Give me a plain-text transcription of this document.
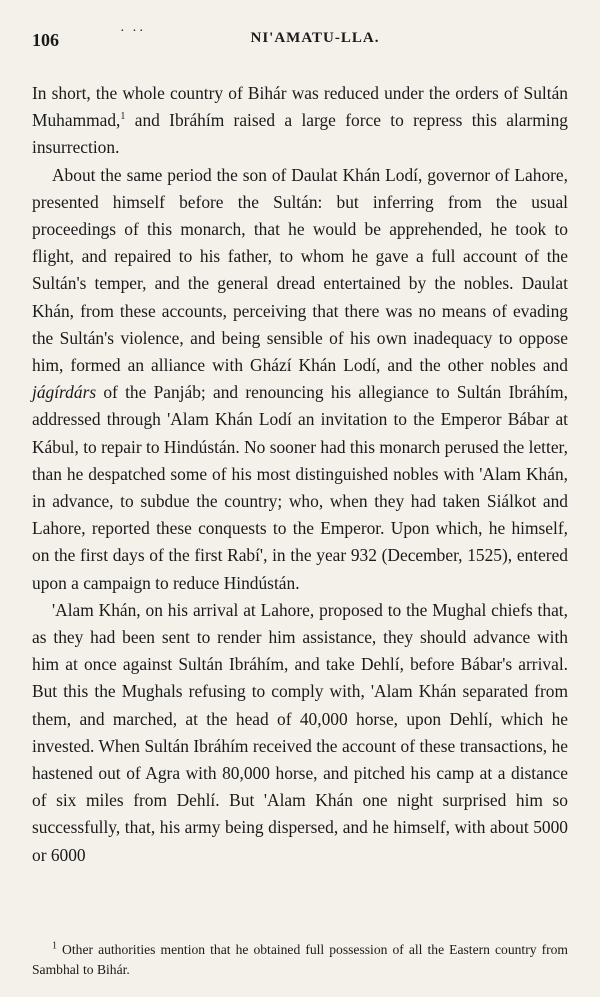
106	· ··	NI'AMATU-LLA.

In short, the whole country of Bihár was reduced under the orders of Sultán Muhammad,$^1$ and Ibráhím raised a large force to repress this alarming insurrection.

About the same period the son of Daulat Khán Lodí, governor of Lahore, presented himself before the Sultán: but inferring from the usual proceedings of this monarch, that he would be apprehended, he took to flight, and repaired to his father, to whom he gave a full account of the Sultán's temper, and the general dread entertained by the nobles. Daulat Khán, from these accounts, perceiving that there was no means of evading the Sultán's violence, and being sensible of his own inadequacy to oppose him, formed an alliance with Ghází Khán Lodí, and the other nobles and jágírdárs of the Panjáb; and renouncing his allegiance to Sultán Ibráhím, addressed through 'Alam Khán Lodí an invitation to the Emperor Bábar at Kábul, to repair to Hindústán. No sooner had this monarch perused the letter, than he despatched some of his most distinguished nobles with 'Alam Khán, in advance, to subdue the country; who, when they had taken Siálkot and Lahore, reported these conquests to the Emperor. Upon which, he himself, on the first days of the first Rabí', in the year 932 (December, 1525), entered upon a campaign to reduce Hindústán.

'Alam Khán, on his arrival at Lahore, proposed to the Mughal chiefs that, as they had been sent to render him assistance, they should advance with him at once against Sultán Ibráhím, and take Dehlí, before Bábar's arrival. But this the Mughals refusing to comply with, 'Alam Khán separated from them, and marched, at the head of 40,000 horse, upon Dehlí, which he invested. When Sultán Ibráhím received the account of these transactions, he hastened out of Agra with 80,000 horse, and pitched his camp at a distance of six miles from Dehlí. But 'Alam Khán one night surprised him so successfully, that, his army being dispersed, and he himself, with about 5000 or 6000

$^1$ Other authorities mention that he obtained full possession of all the Eastern country from Sambhal to Bihár.
